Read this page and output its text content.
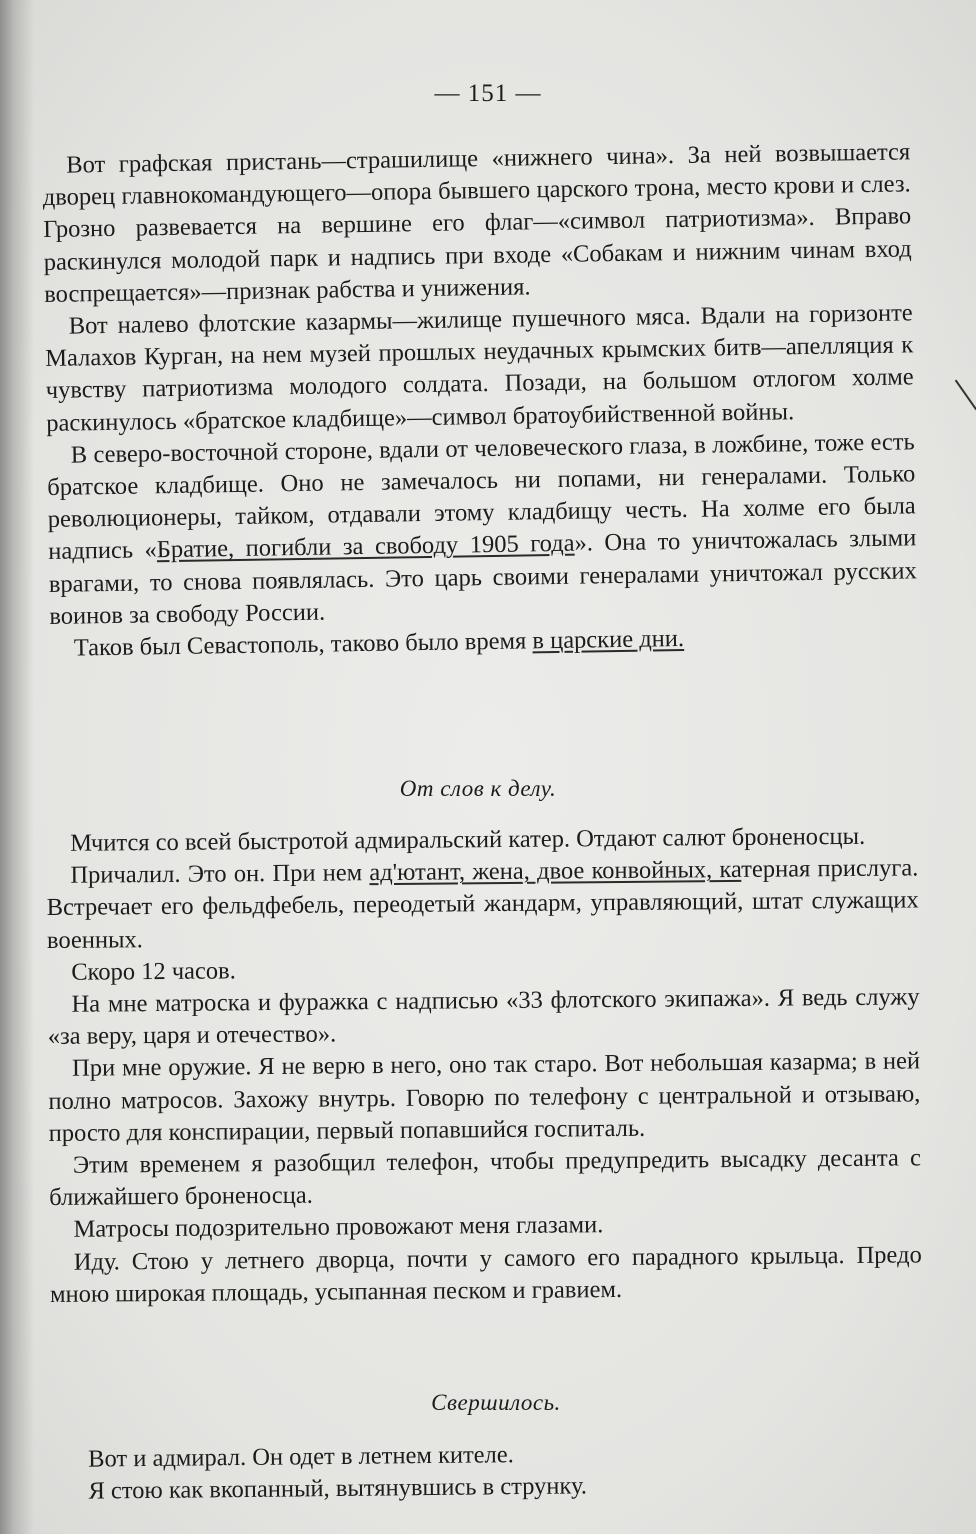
— 151 —

Вот графская пристань—страшилище «нижнего чина». За ней возвышается дворец главнокомандующего—опора бывшего царского трона, место крови и слез. Грозно развевается на вершине его флаг—«символ патриотизма». Вправо раскинулся молодой парк и надпись при входе «Собакам и нижним чинам вход воспрещается»—признак рабства и унижения.

Вот налево флотские казармы—жилище пушечного мяса. Вдали на горизонте Малахов Курган, на нем музей прошлых неудачных крымских битв—апелляция к чувству патриотизма молодого солдата. Позади, на большом отлогом холме раскинулось «братское кладбище»—символ братоубийственной войны.

В северо-восточной стороне, вдали от человеческого глаза, в ложбине, тоже есть братское кладбище. Оно не замечалось ни попами, ни генералами. Только революционеры, тайком, отдавали этому кладбищу честь. На холме его была надпись «Братие, погибли за свободу 1905 года». Она то уничтожалась злыми врагами, то снова появлялась. Это царь своими генералами уничтожал русских воинов за свободу России.

Таков был Севастополь, таково было время в царские дни.

От слов к делу.

Мчится со всей быстротой адмиральский катер. Отдают салют броненосцы.

Причалил. Это он. При нем ад'ютант, жена, двое конвойных, катерная прислуга. Встречает его фельдфебель, переодетый жандарм, управляющий, штат служащих военных.

Скоро 12 часов.

На мне матроска и фуражка с надписью «33 флотского экипажа». Я ведь служу «за веру, царя и отечество».

При мне оружие. Я не верю в него, оно так старо. Вот небольшая казарма; в ней полно матросов. Захожу внутрь. Говорю по телефону с центральной и отзываю, просто для конспирации, первый попавшийся госпиталь.

Этим временем я разобщил телефон, чтобы предупредить высадку десанта с ближайшего броненосца.

Матросы подозрительно провожают меня глазами.

Иду. Стою у летнего дворца, почти у самого его парадного крыльца. Предо мною широкая площадь, усыпанная песком и гравием.

Свершилось.

Вот и адмирал. Он одет в летнем кителе.

Я стою как вкопанный, вытянувшись в струнку.
